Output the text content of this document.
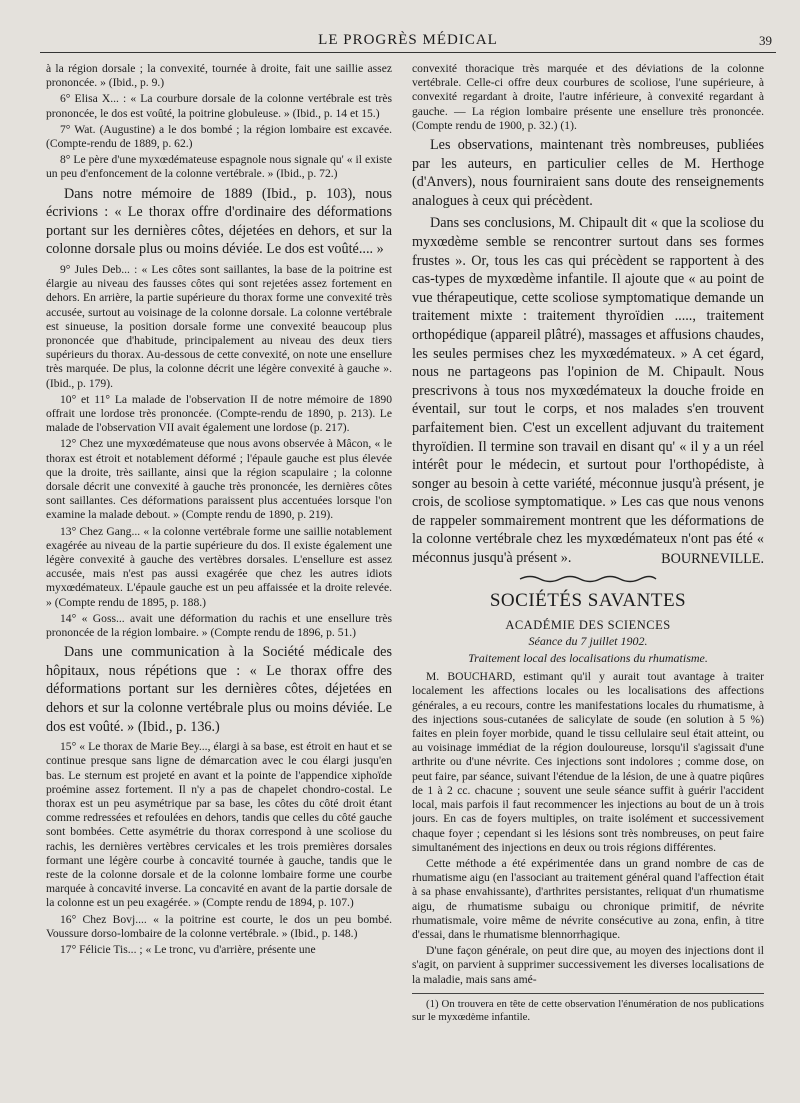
LE PROGRÈS MÉDICAL	39

à la région dorsale ; la convexité, tournée à droite, fait une saillie assez prononcée. » (Ibid., p. 9.)

6° Elisa X... : « La courbure dorsale de la colonne vertébrale est très prononcée, le dos est voûté, la poitrine globuleuse. » (Ibid., p. 14 et 15.)

7° Wat. (Augustine) a le dos bombé ; la région lombaire est excavée. (Compte-rendu de 1889, p. 62.)

8° Le père d'une myxœdémateuse espagnole nous signale qu' « il existe un peu d'enfoncement de la colonne vertébrale. » (Ibid., p. 72.)

Dans notre mémoire de 1889 (Ibid., p. 103), nous écrivions : « Le thorax offre d'ordinaire des déformations portant sur les dernières côtes, déjetées en dehors, et sur la colonne dorsale plus ou moins déviée. Le dos est voûté.... »

9° Jules Deb... : « Les côtes sont saillantes, la base de la poitrine est élargie au niveau des fausses côtes qui sont rejetées assez fortement en dehors. En arrière, la partie supérieure du thorax forme une convexité très accusée, surtout au voisinage de la colonne dorsale. La colonne vertébrale est sinueuse, la position dorsale forme une convexité beaucoup plus prononcée que d'habitude, principalement au niveau des deux tiers supérieurs du thorax. Au-dessous de cette convexité, on note une ensellure très marquée. De plus, la colonne décrit une légère convexité à gauche ». (Ibid., p. 179).

10° et 11° La malade de l'observation II de notre mémoire de 1890 offrait une lordose très prononcée. (Compte-rendu de 1890, p. 213). Le malade de l'observation VII avait également une lordose (p. 217).

12° Chez une myxœdémateuse que nous avons observée à Mâcon, « le thorax est étroit et notablement déformé ; l'épaule gauche est plus élevée que la droite, très saillante, ainsi que la région scapulaire ; la colonne dorsale décrit une convexité à gauche très prononcée, les dernières côtes sont saillantes. Ces déformations paraissent plus accentuées lorsque l'on examine la malade debout. » (Compte rendu de 1890, p. 219).

13° Chez Gang... « la colonne vertébrale forme une saillie notablement exagérée au niveau de la partie supérieure du dos. Il existe également une légère convexité à gauche des vertèbres dorsales. L'ensellure est assez accusée, mais n'est pas aussi exagérée que chez les autres idiots myxœdémateux. L'épaule gauche est un peu affaissée et la droite relevée. » (Compte rendu de 1895, p. 188.)

14° « Goss... avait une déformation du rachis et une ensellure très prononcée de la région lombaire. » (Compte rendu de 1896, p. 51.)

Dans une communication à la Société médicale des hôpitaux, nous répétions que : « Le thorax offre des déformations portant sur les dernières côtes, déjetées en dehors et sur la colonne vertébrale plus ou moins déviée. Le dos est voûté. » (Ibid., p. 136.)

15° « Le thorax de Marie Bey..., élargi à sa base, est étroit en haut et se continue presque sans ligne de démarcation avec le cou élargi jusqu'en bas. Le sternum est projeté en avant et la pointe de l'appendice xiphoïde proémine assez fortement. Il n'y a pas de chapelet chondro-costal. Le thorax est un peu asymétrique par sa base, les côtes du côté droit étant comme redressées et refoulées en dehors, tandis que celles du côté gauche sont bombées. Cette asymétrie du thorax correspond à une scoliose du rachis, les dernières vertèbres cervicales et les trois premières dorsales formant une légère courbe à concavité tournée à gauche, tandis que le reste de la colonne dorsale et de la colonne lombaire forme une courbe marquée à concavité inverse. La concavité en avant de la partie dorsale de la colonne est un peu exagérée. » (Compte rendu de 1894, p. 107.)

16° Chez Bovj.... « la poitrine est courte, le dos un peu bombé. Voussure dorso-lombaire de la colonne vertébrale. » (Ibid., p. 148.)

17° Félicie Tis... ; « Le tronc, vu d'arrière, présente une

convexité thoracique très marquée et des déviations de la colonne vertébrale. Celle-ci offre deux courbures de scoliose, l'une supérieure, à convexité regardant à droite, l'autre inférieure, à convexité regardant à gauche. — La région lombaire présente une ensellure très prononcée. (Compte rendu de 1900, p. 32.) (1).

Les observations, maintenant très nombreuses, publiées par les auteurs, en particulier celles de M. Herthoge (d'Anvers), nous fourniraient sans doute des renseignements analogues à ceux qui précèdent.

Dans ses conclusions, M. Chipault dit « que la scoliose du myxœdème semble se rencontrer surtout dans ses formes frustes ». Or, tous les cas qui précèdent se rapportent à des cas-types de myxœdème infantile. Il ajoute que « au point de vue thérapeutique, cette scoliose symptomatique demande un traitement mixte : traitement thyroïdien ....., traitement orthopédique (appareil plâtré), massages et affusions chaudes, les seules permises chez les myxœdémateux. » A cet égard, nous ne partageons pas l'opinion de M. Chipault. Nous prescrivons à tous nos myxœdémateux la douche froide en éventail, sur tout le corps, et nos malades s'en trouvent parfaitement bien. C'est un excellent adjuvant du traitement thyroïdien. Il termine son travail en disant qu' « il y a un réel intérêt pour le médecin, et surtout pour l'orthopédiste, à songer au besoin à cette variété, méconnue jusqu'à présent, je crois, de scoliose symptomatique. » Les cas que nous venons de rappeler sommairement montrent que les déformations de la colonne vertébrale chez les myxœdémateux n'ont pas été « méconnus jusqu'à présent ».	BOURNEVILLE.

SOCIÉTÉS SAVANTES
ACADÉMIE DES SCIENCES
Séance du 7 juillet 1902.
Traitement local des localisations du rhumatisme.

M. BOUCHARD, estimant qu'il y aurait tout avantage à traiter localement les affections locales ou les localisations des affections générales, a eu recours, contre les manifestations locales du rhumatisme, à des injections sous-cutanées de salicylate de soude (en solution à 5 %) faites en plein foyer morbide, quand le tissu cellulaire seul était atteint, ou au voisinage immédiat de la région douloureuse, lorsqu'il s'agissait d'une arthrite ou d'une névrite. Ces injections sont indolores ; comme dose, on peut faire, par séance, suivant l'étendue de la lésion, de une à quatre piqûres de 1 à 2 cc. chacune ; souvent une seule séance suffit à guérir l'accident local, mais parfois il faut recommencer les injections au bout de un à trois jours. En cas de foyers multiples, on traite isolément et successivement chaque foyer ; cependant si les lésions sont très nombreuses, on peut faire simultanément des injections en deux ou trois régions différentes.

Cette méthode a été expérimentée dans un grand nombre de cas de rhumatisme aigu (en l'associant au traitement général quand l'affection était à sa phase envahissante), d'arthrites persistantes, reliquat d'un rhumatisme aigu, de rhumatisme subaigu ou chronique primitif, de névrite rhumatismale, voire même de névrite consécutive au zona, enfin, à titre d'essai, dans le rhumatisme blennorrhagique.

D'une façon générale, on peut dire que, au moyen des injections dont il s'agit, on parvient à supprimer successivement les diverses localisations de la maladie, mais sans amé-

(1) On trouvera en tête de cette observation l'énumération de nos publications sur le myxœdème infantile.
